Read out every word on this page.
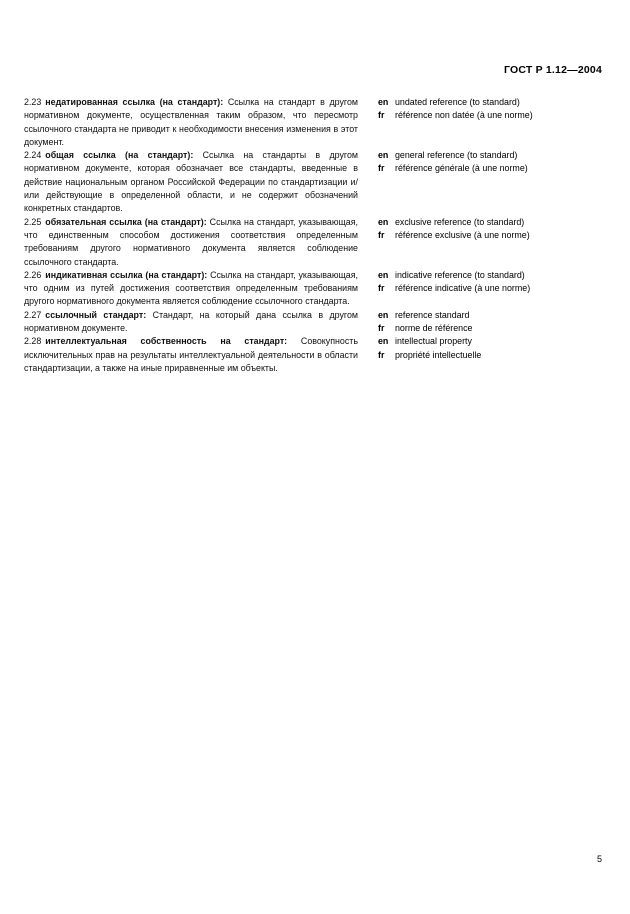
ГОСТ Р 1.12—2004

2.23 недатированная ссылка (на стандарт): Ссылка на стандарт в другом нормативном документе, осуществленная таким образом, что пересмотр ссылочного стандарта не приводит к необходимости внесения изменения в этот документ.

en undated reference (to standard)
fr	référence non datée (à une norme)

2.24 общая ссылка (на стандарт): Ссылка на стандарты в другом нормативном документе, которая обозначает все стандарты, введенные в действие национальным органом Российской Федерации по стандартизации и/или действующие в определенной области, и не содержит обозначений конкретных стандартов.

en general reference (to standard)
fr	référence générale (à une norme)

2.25 обязательная ссылка (на стандарт): Ссылка на стандарт, указывающая, что единственным способом достижения соответствия определенным требованиям другого нормативного документа является соблюдение ссылочного стандарта.

en exclusive reference (to standard)
fr	référence exclusive (à une norme)

2.26 индикативная ссылка (на стандарт): Ссылка на стандарт, указывающая, что одним из путей достижения соответствия определенным требованиям другого нормативного документа является соблюдение ссылочного стандарта.

en indicative reference (to standard)
fr	référence indicative (à une norme)

2.27 ссылочный стандарт: Стандарт, на который дана ссылка в другом нормативном документе.

en reference standard
fr	norme de référence

2.28 интеллектуальная собственность на стандарт: Совокупность исключительных прав на результаты интеллектуальной деятельности в области стандартизации, а также на иные приравненные им объекты.

en intellectual property
fr	propriété intellectuelle
5
